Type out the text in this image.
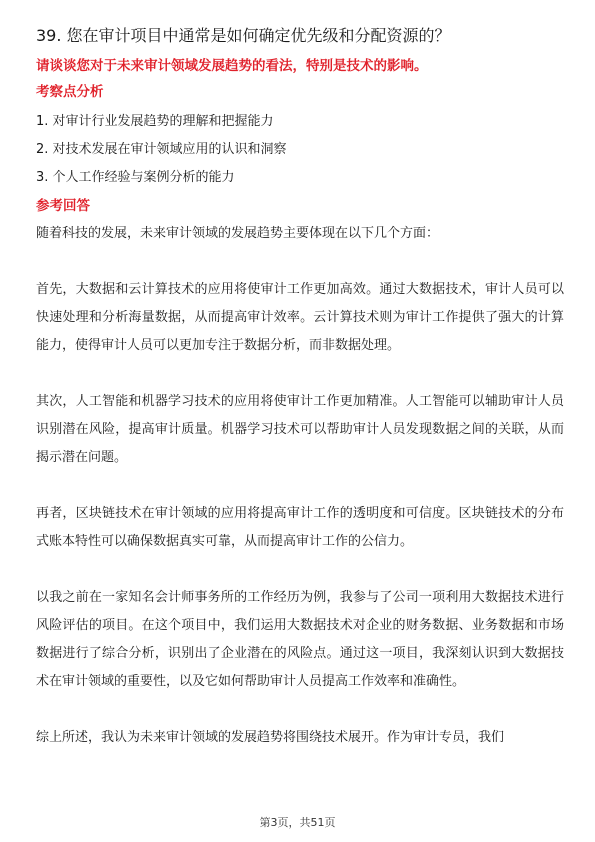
39. 您在审计项目中通常是如何确定优先级和分配资源的？
请谈谈您对于未来审计领域发展趋势的看法，特别是技术的影响。
考察点分析
1. 对审计行业发展趋势的理解和把握能力
2. 对技术发展在审计领域应用的认识和洞察
3. 个人工作经验与案例分析的能力
参考回答

随着科技的发展，未来审计领域的发展趋势主要体现在以下几个方面：

首先，大数据和云计算技术的应用将使审计工作更加高效。通过大数据技术，审计人员可以快速处理和分析海量数据，从而提高审计效率。云计算技术则为审计工作提供了强大的计算能力，使得审计人员可以更加专注于数据分析，而非数据处理。

其次，人工智能和机器学习技术的应用将使审计工作更加精准。人工智能可以辅助审计人员识别潜在风险，提高审计质量。机器学习技术可以帮助审计人员发现数据之间的关联，从而揭示潜在问题。

再者，区块链技术在审计领域的应用将提高审计工作的透明度和可信度。区块链技术的分布式账本特性可以确保数据真实可靠，从而提高审计工作的公信力。

以我之前在一家知名会计师事务所的工作经历为例，我参与了公司一项利用大数据技术进行风险评估的项目。在这个项目中，我们运用大数据技术对企业的财务数据、业务数据和市场数据进行了综合分析，识别出了企业潜在的风险点。通过这一项目，我深刻认识到大数据技术在审计领域的重要性，以及它如何帮助审计人员提高工作效率和准确性。

综上所述，我认为未来审计领域的发展趋势将围绕技术展开。作为审计专员，我们

第3页，共51页
